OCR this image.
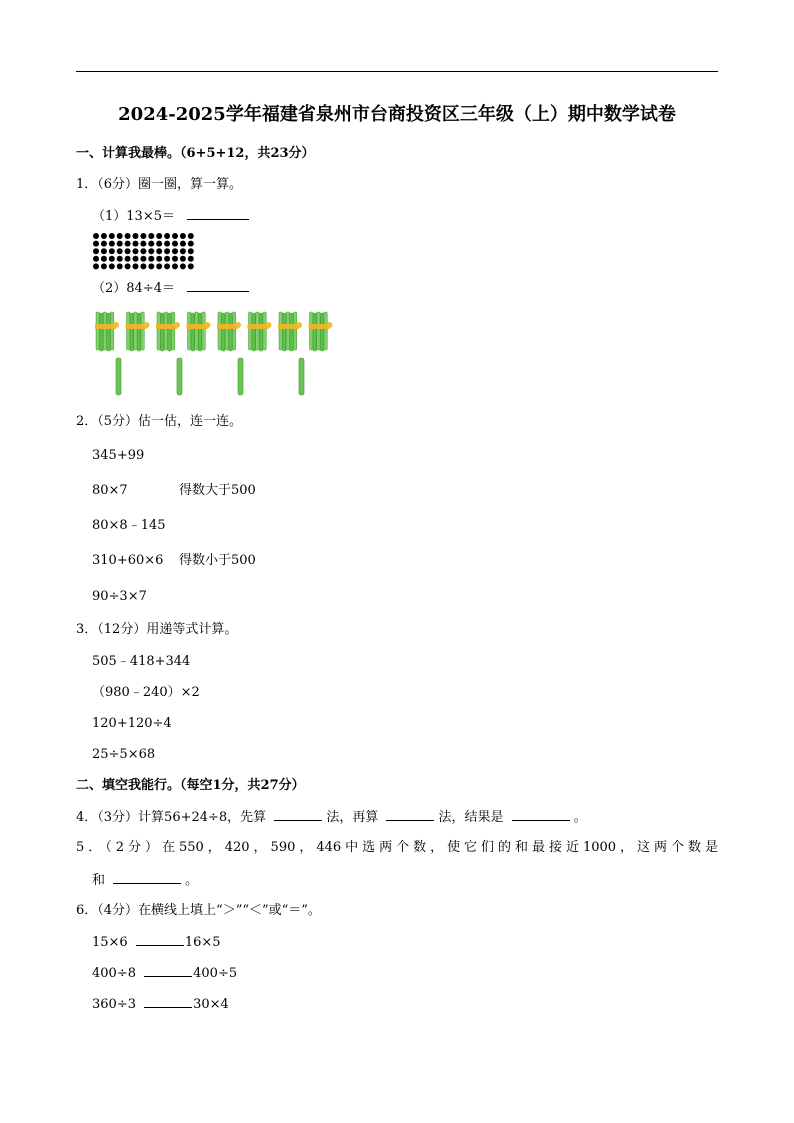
2024-2025学年福建省泉州市台商投资区三年级（上）期中数学试卷
一、计算我最棒。（6+5+12，共23分）
1．（6分）圈一圈，算一算。
（1）13×5＝
（2）84÷4＝
2．（5分）估一估，连一连。
345+99
80×7	得数大于500
80×8﹣145
310+60×6 得数小于500
90÷3×7
3．（12分）用递等式计算。
505﹣418+344
（980﹣240）×2
120+120÷4
25÷5×68
二、填空我能行。（每空1分，共27分）
4．（3分）计算56+24÷8，先算	法，再算	法，结果是	。
5．（2分）在550，420，590，446中选两个数，使它们的和最接近1000，这两个数是
和	。
6．（4分）在横线上填上“＞”“＜”或“＝”。
15×6	16×5
400÷8	400÷5
360÷3	30×4
